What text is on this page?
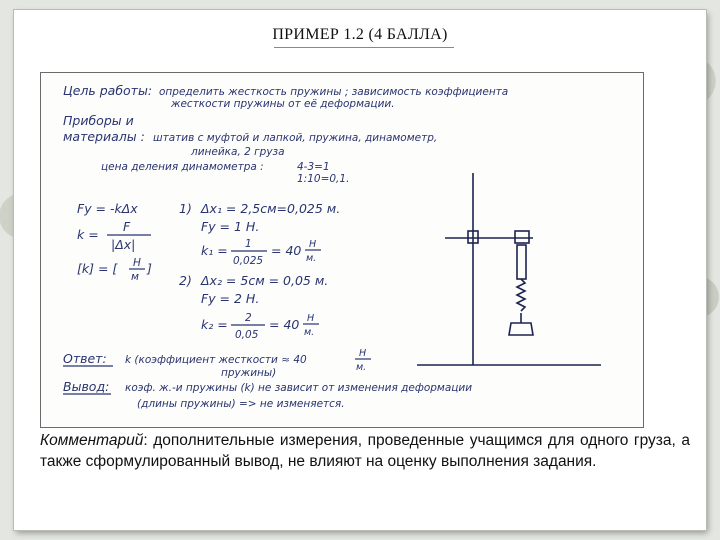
ПРИМЕР 1.2 (4 БАЛЛА)
Цель работы: определить жесткость пружины ; зависимость коэффициента
жесткости пружины от её деформации.
Приборы и
материалы : штатив с муфтой и лапкой, пружина, динамометр,
линейка, 2 груза
цена деления динамометра :	4-3=1
1:10=0,1.
Fy = -kΔx
k =
F
|Δx|
[k] = [ H
м
]
1) Δx₁ = 2,5см=0,025 м.
Fy = 1 H.
k₁ = 1
0,025
= 40 H
м.
2) Δx₂ = 5см = 0,05 м.
Fy = 2 H.
k₂ = 2
0,05
= 40 H
м.
Ответ: k (коэффициент жесткости ≈ 40
H
м.
пружины)
Вывод: коэф. ж.-и пружины (k) не зависит от изменения деформации
(длины пружины) => не изменяется.
Комментарий: дополнительные измерения, проведенные учащимся для одного груза, а также сформулированный вывод, не влияют на оценку выполнения задания.
